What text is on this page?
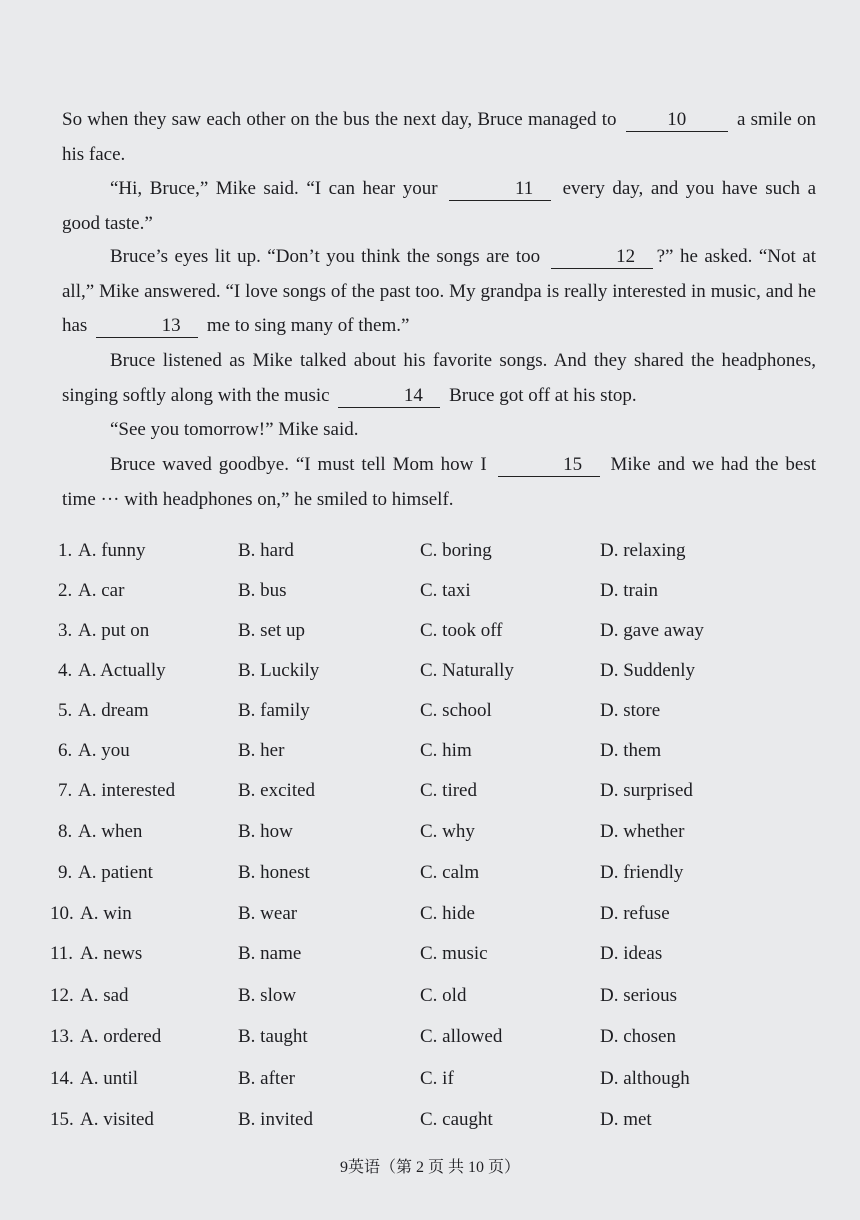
So when they saw each other on the bus the next day, Bruce managed to	10	a smile on his face.
“Hi, Bruce,” Mike said. “I can hear your	11 every day, and you have such a good taste.”
Bruce’s eyes lit up. “Don’t you think the songs are too	12 ?” he asked. “Not at all,” Mike answered. “I love songs of the past too. My grandpa is really interested in music, and he has	13 me to sing many of them.”
Bruce listened as Mike talked about his favorite songs. And they shared the headphones, singing softly along with the music	14 Bruce got off at his stop.
“See you tomorrow!” Mike said.
Bruce waved goodbye. “I must tell Mom how I	15 Mike and we had the best time ··· with headphones on,” he smiled to himself.
1. A. funny	B. hard	C. boring	D. relaxing
2. A. car	B. bus	C. taxi	D. train
3. A. put on	B. set up	C. took off	D. gave away
4. A. Actually	B. Luckily	C. Naturally	D. Suddenly
5. A. dream	B. family	C. school	D. store
6. A. you	B. her	C. him	D. them
7. A. interested	B. excited	C. tired	D. surprised
8. A. when	B. how	C. why	D. whether
9. A. patient	B. honest	C. calm	D. friendly
10. A. win	B. wear	C. hide	D. refuse
11. A. news	B. name	C. music	D. ideas
12. A. sad	B. slow	C. old	D. serious
13. A. ordered	B. taught	C. allowed	D. chosen
14. A. until	B. after	C. if	D. although
15. A. visited	B. invited	C. caught	D. met
9英语（第 2 页 共 10 页）
